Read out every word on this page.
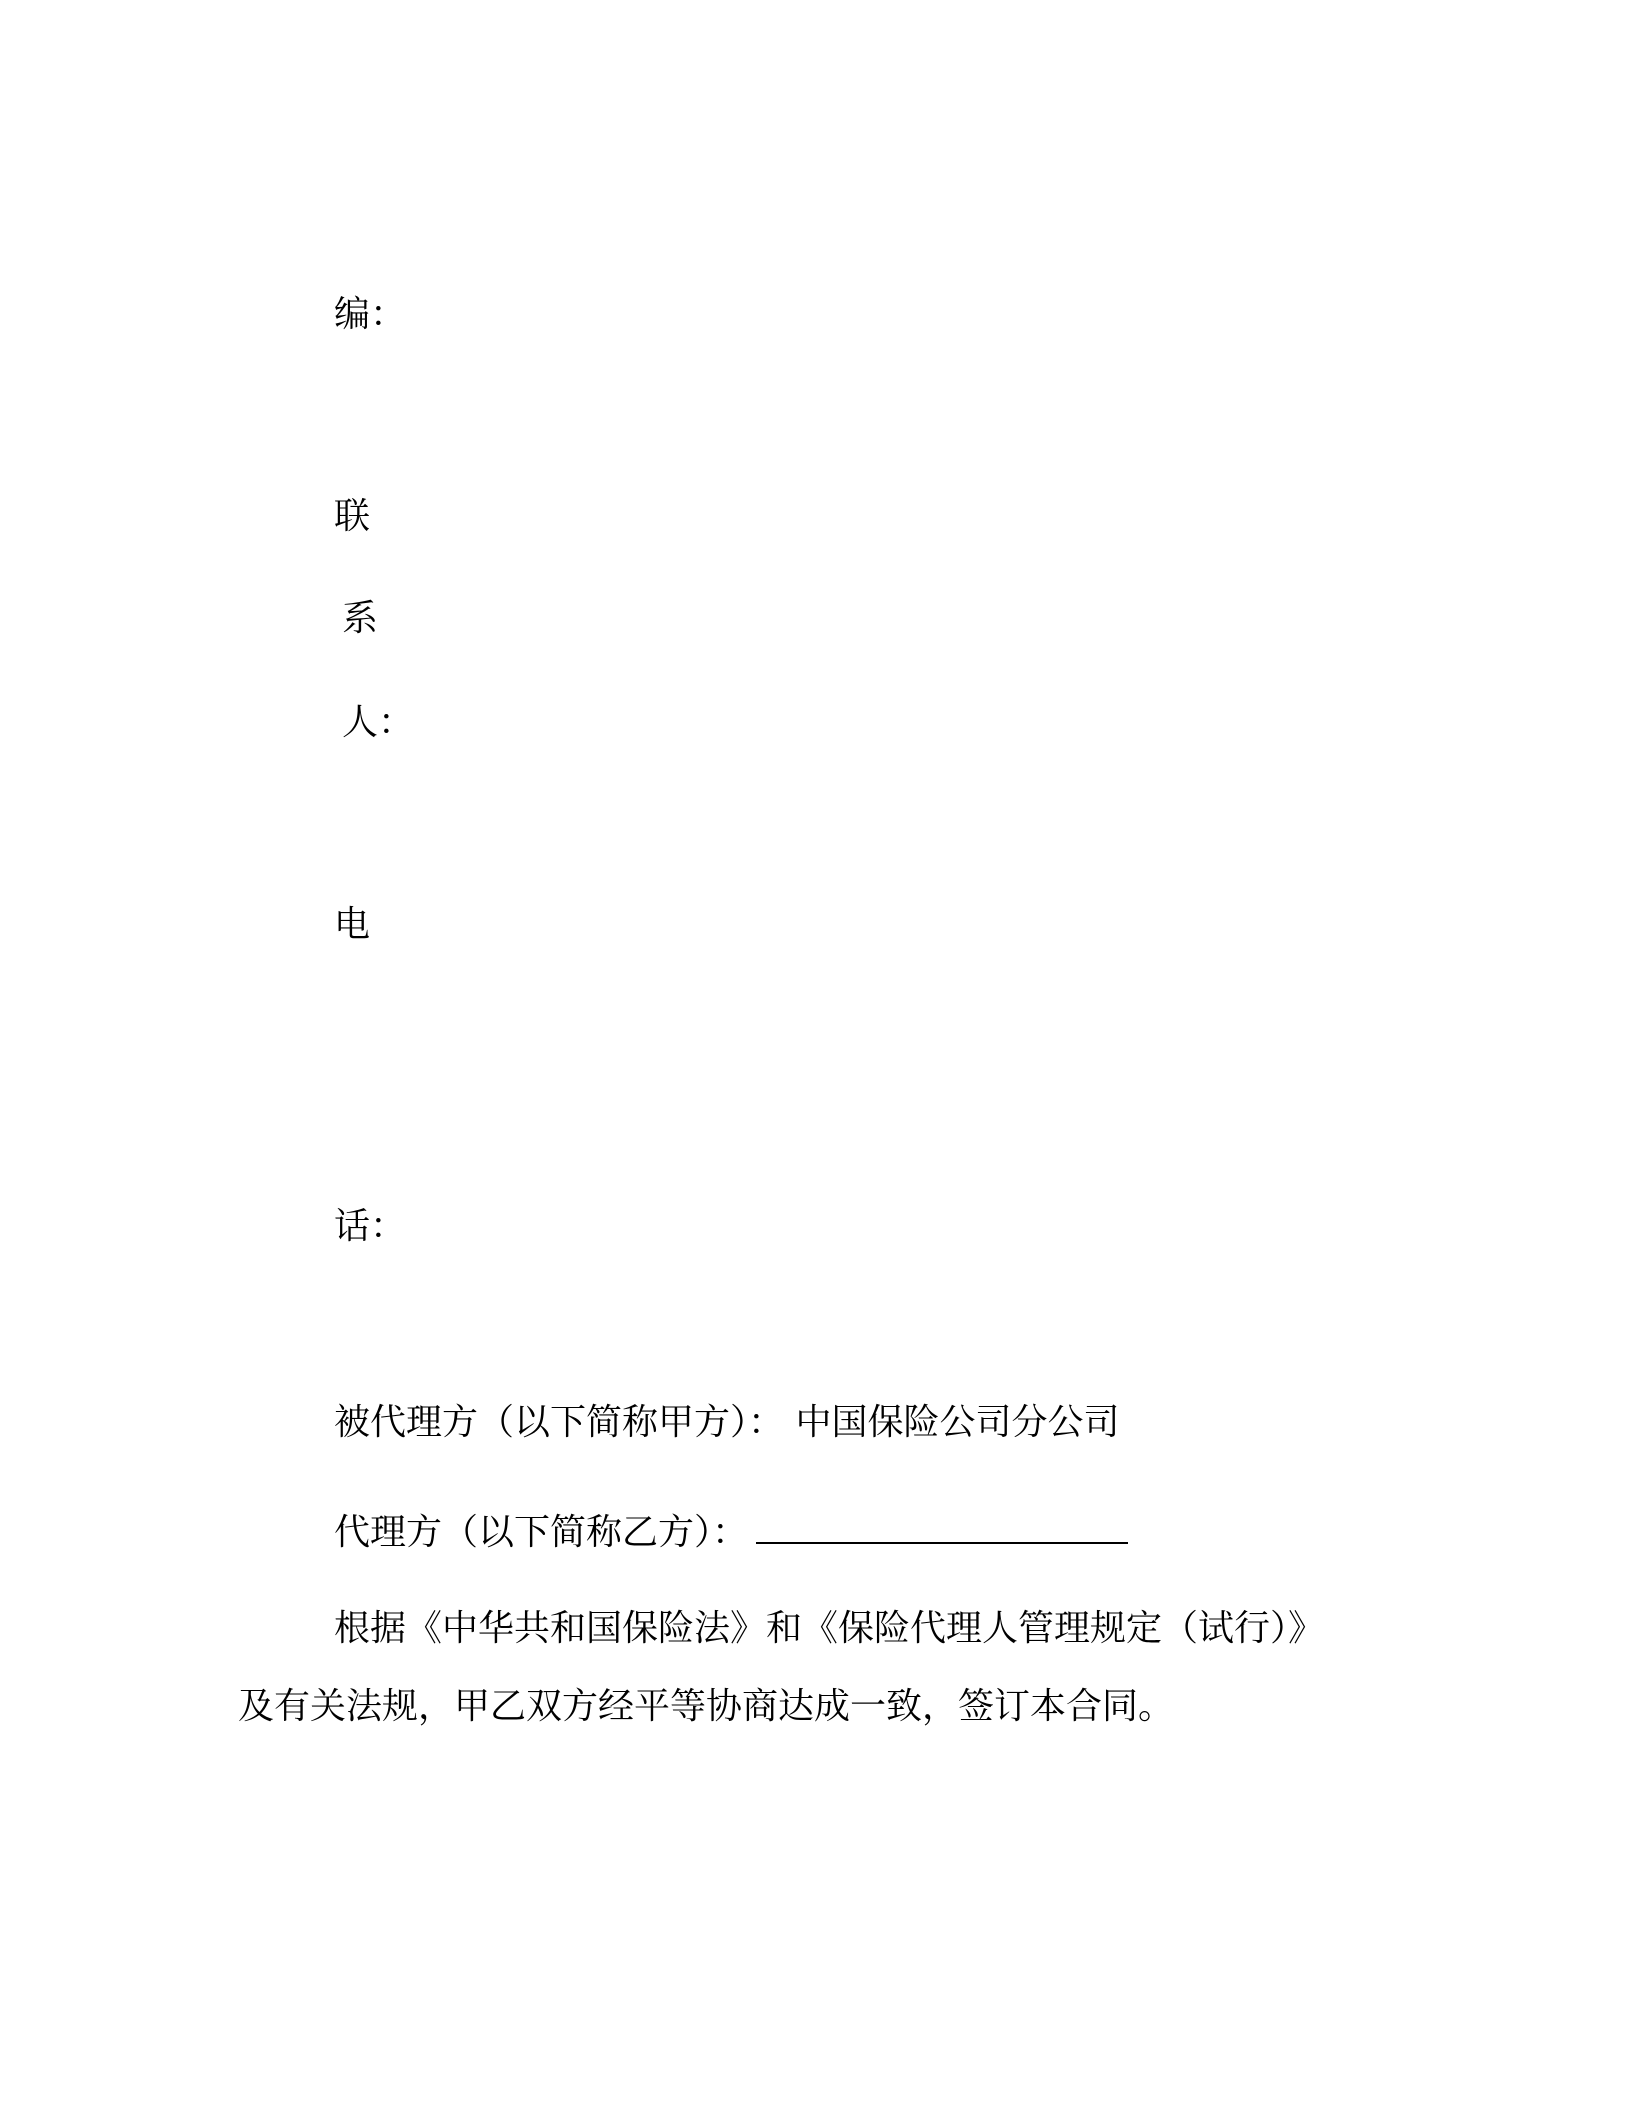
编：
联
系
人：
电
话：
被代理方（以下简称甲方）： 中国保险公司分公司
代理方（以下简称乙方）：
根据《中华共和国保险法》和《保险代理人管理规定（试行）》
及有关法规，甲乙双方经平等协商达成一致，签订本合同。
